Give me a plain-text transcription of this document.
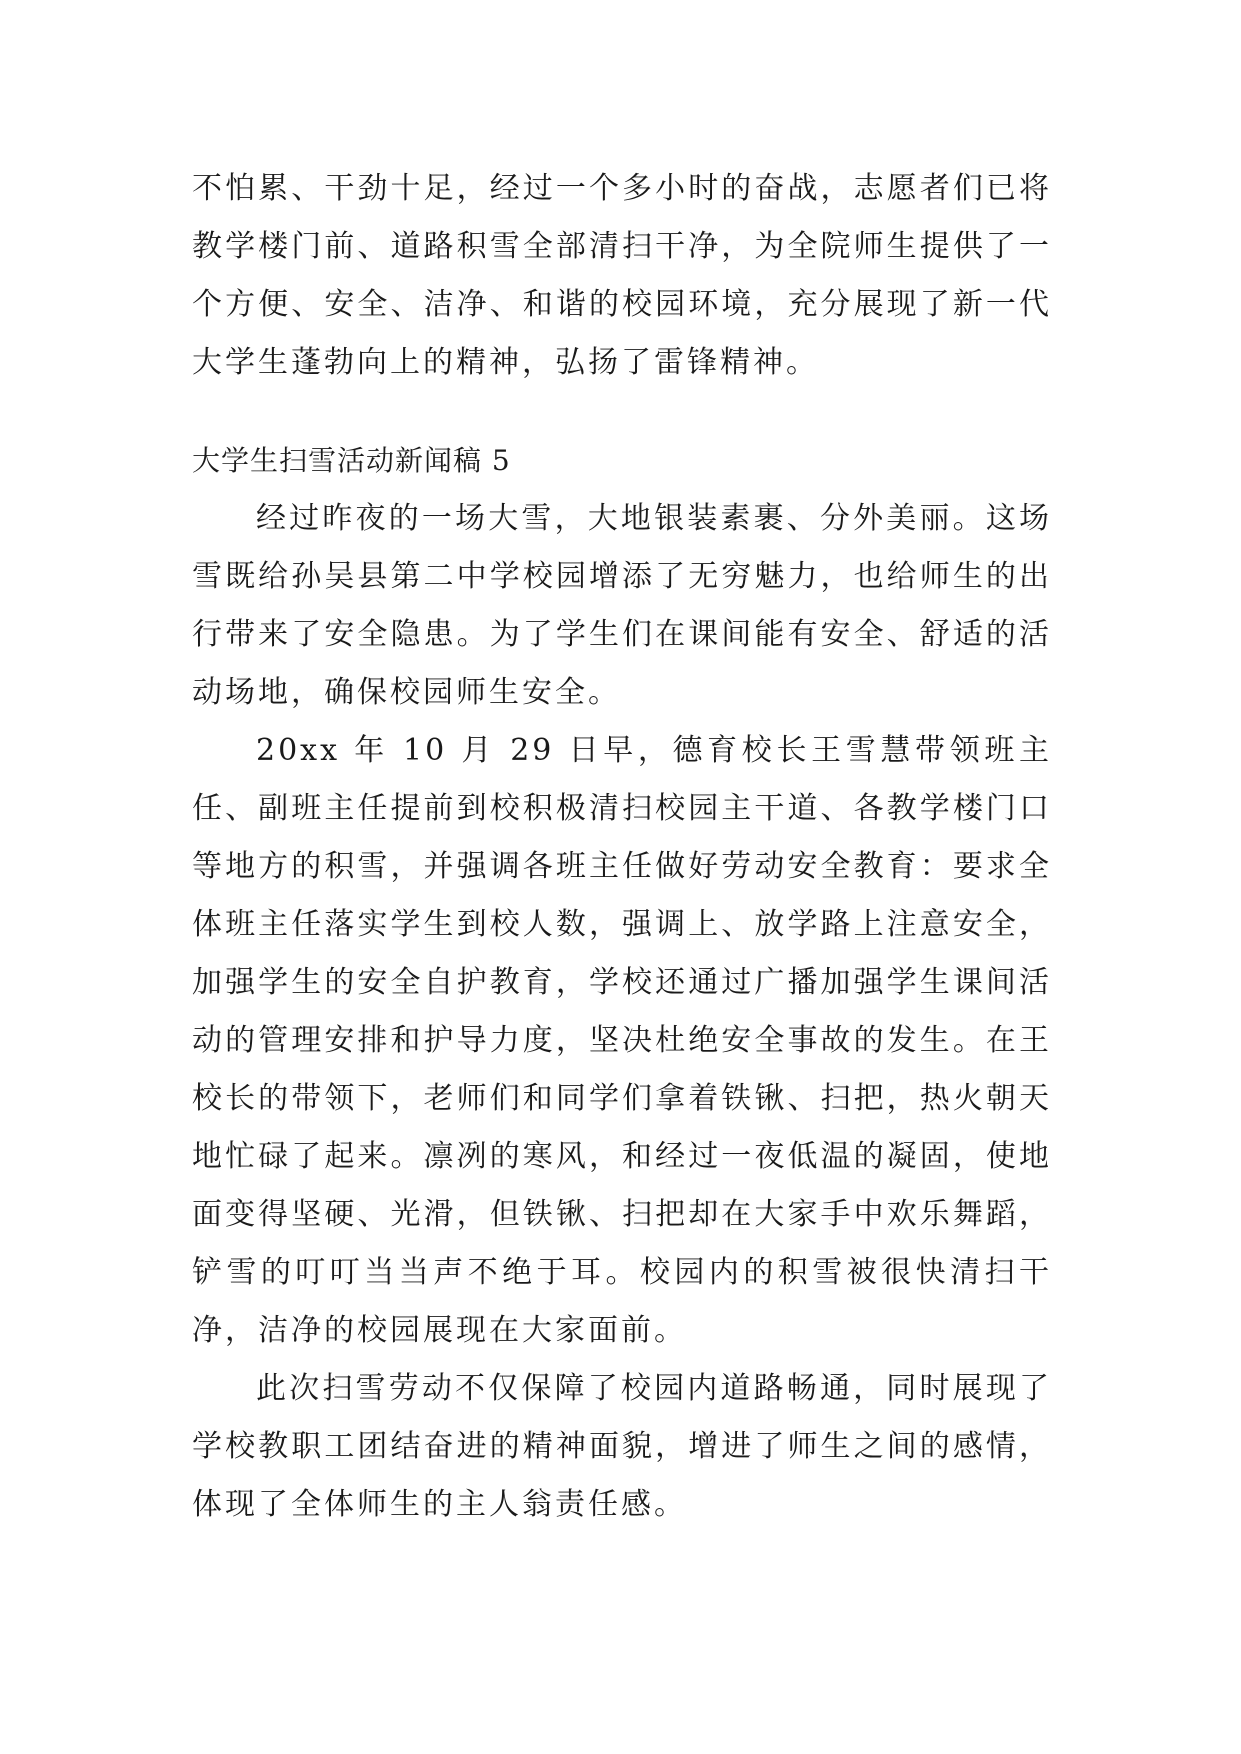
不怕累、干劲十足，经过一个多小时的奋战，志愿者们已将教学楼门前、道路积雪全部清扫干净，为全院师生提供了一个方便、安全、洁净、和谐的校园环境，充分展现了新一代大学生蓬勃向上的精神，弘扬了雷锋精神。

大学生扫雪活动新闻稿 5

经过昨夜的一场大雪，大地银装素裹、分外美丽。这场雪既给孙吴县第二中学校园增添了无穷魅力，也给师生的出行带来了安全隐患。为了学生们在课间能有安全、舒适的活动场地，确保校园师生安全。

20xx 年 10 月 29 日早，德育校长王雪慧带领班主任、副班主任提前到校积极清扫校园主干道、各教学楼门口等地方的积雪，并强调各班主任做好劳动安全教育：要求全体班主任落实学生到校人数，强调上、放学路上注意安全，加强学生的安全自护教育，学校还通过广播加强学生课间活动的管理安排和护导力度，坚决杜绝安全事故的发生。在王校长的带领下，老师们和同学们拿着铁锹、扫把，热火朝天地忙碌了起来。凛冽的寒风，和经过一夜低温的凝固，使地面变得坚硬、光滑，但铁锹、扫把却在大家手中欢乐舞蹈，铲雪的叮叮当当声不绝于耳。校园内的积雪被很快清扫干净，洁净的校园展现在大家面前。

此次扫雪劳动不仅保障了校园内道路畅通，同时展现了学校教职工团结奋进的精神面貌，增进了师生之间的感情，体现了全体师生的主人翁责任感。
